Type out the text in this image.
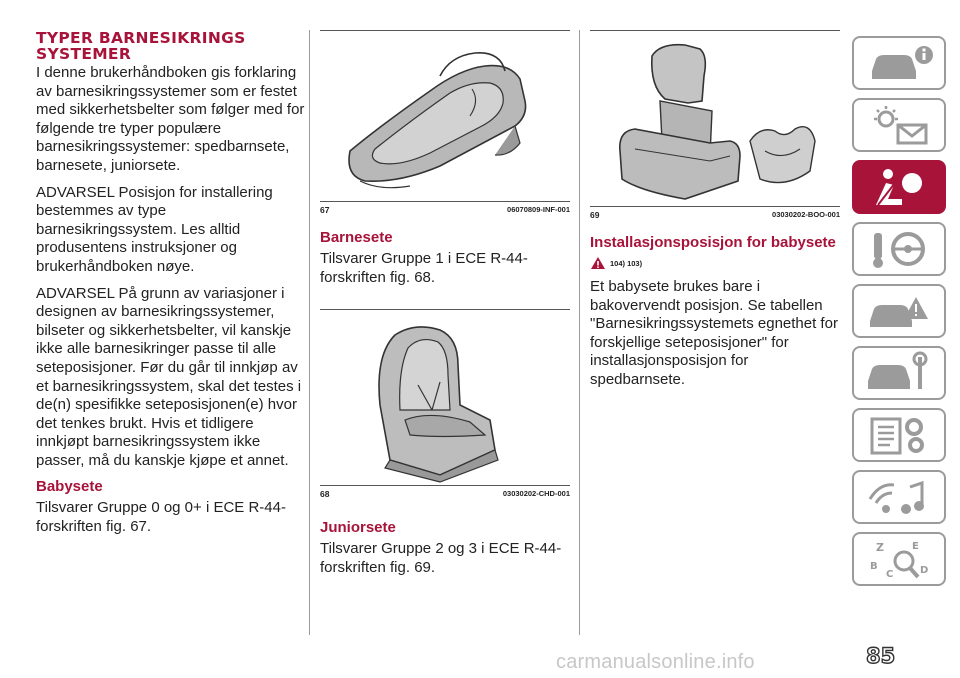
TYPER BARNESIKRINGS SYSTEMER

I denne brukerhåndboken gis forklaring av barnesikringssystemer som er festet med sikkerhetsbelter som følger med for følgende tre typer populære barnesikringssystemer: spedbarnsete, barnesete, juniorsete.

ADVARSEL Posisjon for installering bestemmes av type barnesikringssystem. Les alltid produsentens instruksjoner og brukerhåndboken nøye.

ADVARSEL På grunn av variasjoner i designen av barnesikringssystemer, bilseter og sikkerhetsbelter, vil kanskje ikke alle barnesikringer passe til alle seteposisjoner. Før du går til innkjøp av et barnesikringssystem, skal det testes i de(n) spesifikke seteposisjonen(e) hvor det tenkes brukt. Hvis et tidligere innkjøpt barnesikringssystem ikke passer, må du kanskje kjøpe et annet.

Babysete

Tilsvarer Gruppe 0 og 0+ i ECE R-44-forskriften fig. 67.

67	06070809-INF-001
Barnesete

Tilsvarer Gruppe 1 i ECE R-44-forskriften fig. 68.

68	03030202-CHD-001
Juniorsete

Tilsvarer Gruppe 2 og 3 i ECE R-44-forskriften fig. 69.

69	03030202-BOO-001
Installasjonsposisjon for babysete
104) 103)

Et babysete brukes bare i bakovervendt posisjon. Se tabellen "Barnesikringssystemets egnethet for forskjellige seteposisjoner" for installasjonsposisjon for spedbarnsete.

Z	E
B
C	D
85
carmanualsonline.info
